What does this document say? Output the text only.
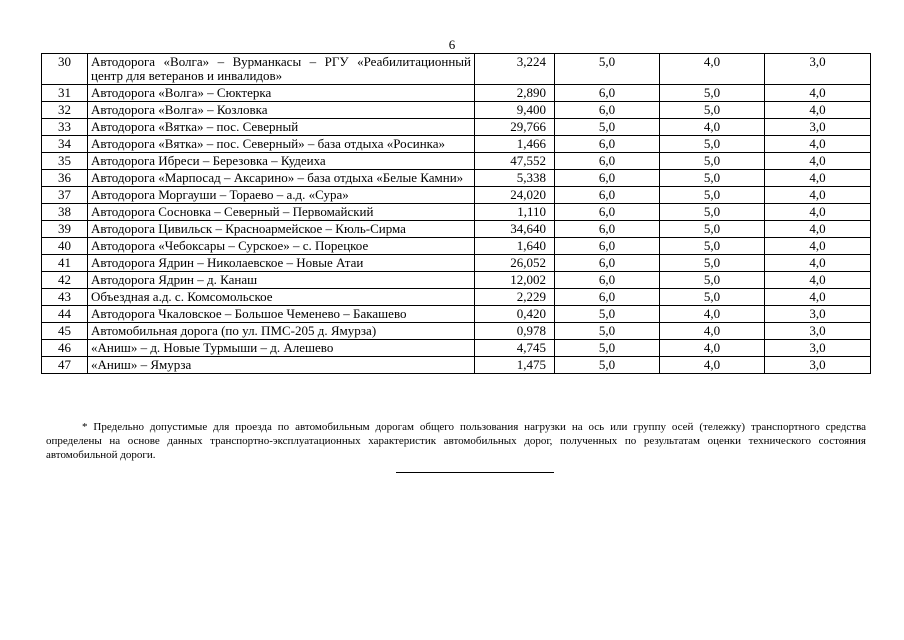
6
30	Автодорога «Волга» – Вурманкасы – РГУ «Реабилитационный центр для ветеранов и инвалидов»	3,224	5,0	4,0	3,0
31	Автодорога «Волга» – Сюктерка	2,890	6,0	5,0	4,0
32	Автодорога «Волга» – Козловка	9,400	6,0	5,0	4,0
33	Автодорога «Вятка» – пос. Северный	29,766	5,0	4,0	3,0
34	Автодорога «Вятка» – пос. Северный» – база отдыха «Росинка»	1,466	6,0	5,0	4,0
35	Автодорога Ибреси – Березовка – Кудеиха	47,552	6,0	5,0	4,0
36	Автодорога «Марпосад – Аксарино» – база отдыха «Белые Камни»	5,338	6,0	5,0	4,0
37	Автодорога Моргауши – Тораево – а.д. «Сура»	24,020	6,0	5,0	4,0
38	Автодорога Сосновка – Северный – Первомайский	1,110	6,0	5,0	4,0
39	Автодорога Цивильск – Красноармейское – Кюль-Сирма	34,640	6,0	5,0	4,0
40	Автодорога «Чебоксары – Сурское» – с. Порецкое	1,640	6,0	5,0	4,0
41	Автодорога Ядрин – Николаевское – Новые Атаи	26,052	6,0	5,0	4,0
42	Автодорога Ядрин – д. Канаш	12,002	6,0	5,0	4,0
43	Объездная а.д. с. Комсомольское	2,229	6,0	5,0	4,0
44	Автодорога Чкаловское – Большое Чеменево – Бакашево	0,420	5,0	4,0	3,0
45	Автомобильная дорога (по ул. ПМС-205 д. Ямурза)	0,978	5,0	4,0	3,0
46	«Аниш» – д. Новые Турмыши – д. Алешево	4,745	5,0	4,0	3,0
47	«Аниш» – Ямурза	1,475	5,0	4,0	3,0
* Предельно допустимые для проезда по автомобильным дорогам общего пользования нагрузки на ось или группу осей (тележку) транспортного средства определены на основе данных транспортно-эксплуатационных характеристик автомобильных дорог, полученных по результатам оценки технического состояния автомобильной дороги.
